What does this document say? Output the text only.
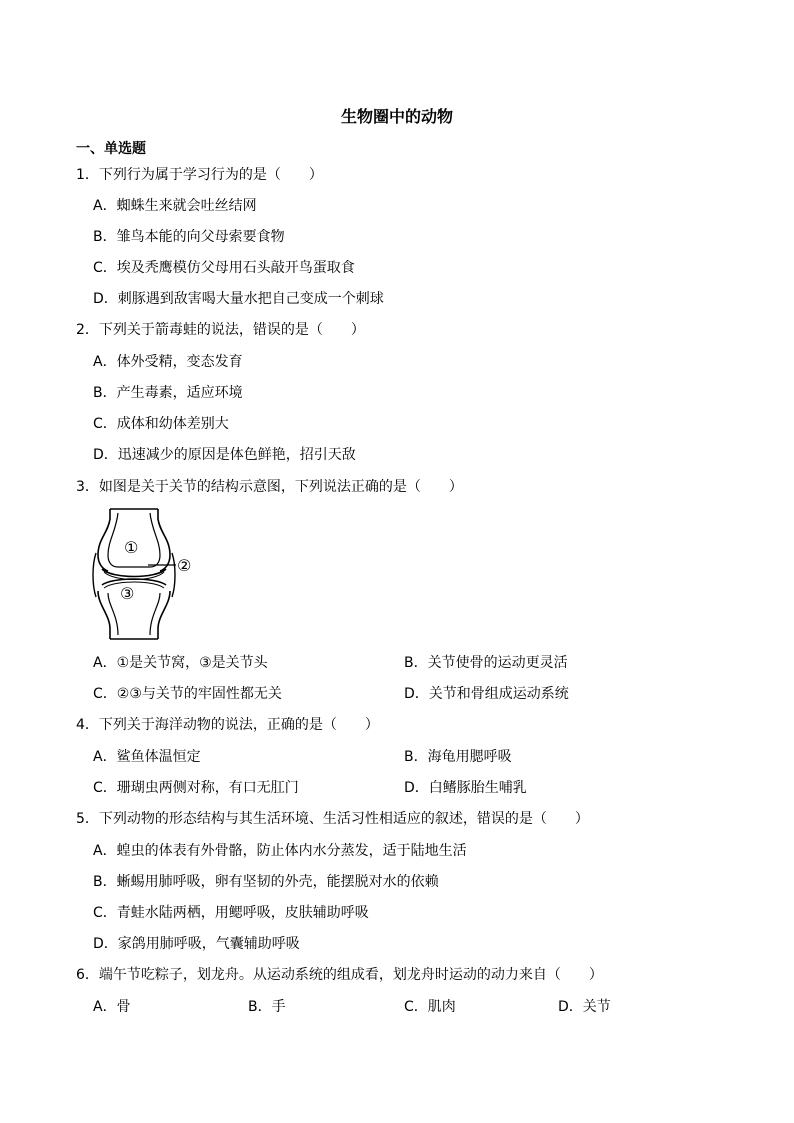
生物圈中的动物
一、单选题
1．下列行为属于学习行为的是（　　）
A．蜘蛛生来就会吐丝结网
B．雏鸟本能的向父母索要食物
C．埃及秃鹰模仿父母用石头敲开鸟蛋取食
D．刺豚遇到敌害喝大量水把自己变成一个刺球
2．下列关于箭毒蛙的说法，错误的是（　　）
A．体外受精，变态发育
B．产生毒素，适应环境
C．成体和幼体差别大
D．迅速减少的原因是体色鲜艳，招引天敌
3．如图是关于关节的结构示意图，下列说法正确的是（　　）
①
②
③
A．①是关节窝，③是关节头	B．关节使骨的运动更灵活
C．②③与关节的牢固性都无关	D．关节和骨组成运动系统
4．下列关于海洋动物的说法，正确的是（　　）
A．鲨鱼体温恒定	B．海龟用腮呼吸
C．珊瑚虫两侧对称，有口无肛门	D．白鳍豚胎生哺乳
5．下列动物的形态结构与其生活环境、生活习性相适应的叙述，错误的是（　　）
A．蝗虫的体表有外骨骼，防止体内水分蒸发，适于陆地生活
B．蜥蜴用肺呼吸，卵有坚韧的外壳，能摆脱对水的依赖
C．青蛙水陆两栖，用鳃呼吸，皮肤辅助呼吸
D．家鸽用肺呼吸，气囊辅助呼吸
6．端午节吃粽子，划龙舟。从运动系统的组成看，划龙舟时运动的动力来自（　　）
A．骨	B．手	C．肌肉	D．关节
